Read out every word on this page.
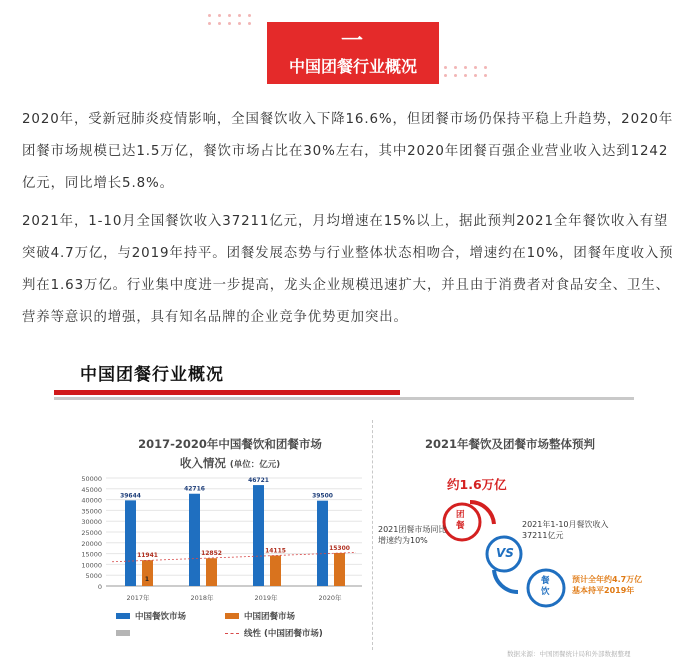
一
中国团餐行业概况

2020年，受新冠肺炎疫情影响，全国餐饮收入下降16.6%，但团餐市场仍保持平稳上升趋势，2020年团餐市场规模已达1.5万亿，餐饮市场占比在30%左右，其中2020年团餐百强企业营业收入达到1242亿元，同比增长5.8%。

2021年，1-10月全国餐饮收入37211亿元，月均增速在15%以上，据此预判2021全年餐饮收入有望突破4.7万亿，与2019年持平。团餐发展态势与行业整体状态相吻合，增速约在10%，团餐年度收入预判在1.63万亿。行业集中度进一步提高，龙头企业规模迅速扩大，并且由于消费者对食品安全、卫生、营养等意识的增强，具有知名品牌的企业竞争优势更加突出。

中国团餐行业概况
2017-2020年中国餐饮和团餐市场
收入情况 (单位：亿元)
0
5000
10000
15000
20000
25000
30000
35000
40000
45000
50000
39644
11941
2017年
42716
12852
2018年
46721
14115
2019年
39500
15300
2020年
1
中国餐饮市场	中国团餐市场
线性 (中国团餐市场)
2021年餐饮及团餐市场整体预判
约1.6万亿
团
餐
VS
餐
饮
2021团餐市场同比
增速约为10%
2021年1-10月餐饮收入
37211亿元
预计全年约4.7万亿
基本持平2019年
数据来源：中国团餐统计局和外部数据整理
